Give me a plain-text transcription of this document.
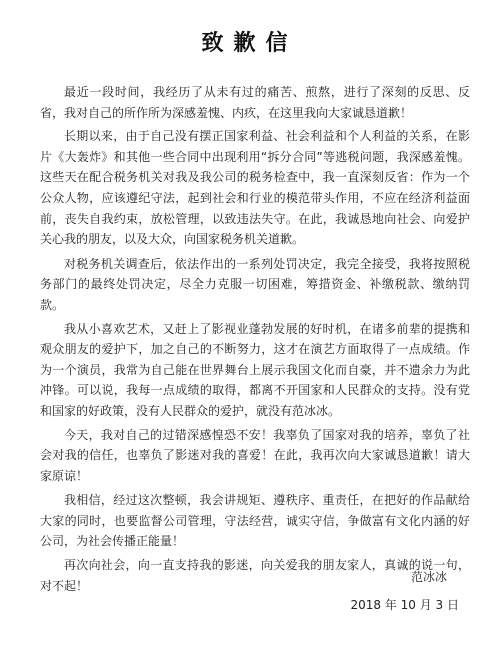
致歉信

最近一段时间，我经历了从未有过的痛苦、煎熬，进行了深刻的反思、反省，我对自己的所作所为深感羞愧、内疚，在这里我向大家诚恳道歉！

长期以来，由于自己没有摆正国家利益、社会利益和个人利益的关系，在影片《大轰炸》和其他一些合同中出现利用“拆分合同”等逃税问题，我深感羞愧。这些天在配合税务机关对我及我公司的税务检查中，我一直深刻反省：作为一个公众人物，应该遵纪守法，起到社会和行业的模范带头作用，不应在经济利益面前，丧失自我约束，放松管理，以致违法失守。在此，我诚恳地向社会、向爱护关心我的朋友，以及大众，向国家税务机关道歉。

对税务机关调查后，依法作出的一系列处罚决定，我完全接受，我将按照税务部门的最终处罚决定，尽全力克服一切困难，筹措资金、补缴税款、缴纳罚款。

我从小喜欢艺术，又赶上了影视业蓬勃发展的好时机，在诸多前辈的提携和观众朋友的爱护下，加之自己的不断努力，这才在演艺方面取得了一点成绩。作为一个演员，我常为自己能在世界舞台上展示我国文化而自豪，并不遗余力为此冲锋。可以说，我每一点成绩的取得，都离不开国家和人民群众的支持。没有党和国家的好政策，没有人民群众的爱护，就没有范冰冰。

今天，我对自己的过错深感惶恐不安！我辜负了国家对我的培养，辜负了社会对我的信任，也辜负了影迷对我的喜爱！在此，我再次向大家诚恳道歉！请大家原谅！

我相信，经过这次整顿，我会讲规矩、遵秩序、重责任，在把好的作品献给大家的同时，也要监督公司管理，守法经营，诚实守信，争做富有文化内涵的好公司，为社会传播正能量！

再次向社会，向一直支持我的影迷，向关爱我的朋友家人，真诚的说一句，对不起！

范冰冰
2018 年 10 月 3 日
